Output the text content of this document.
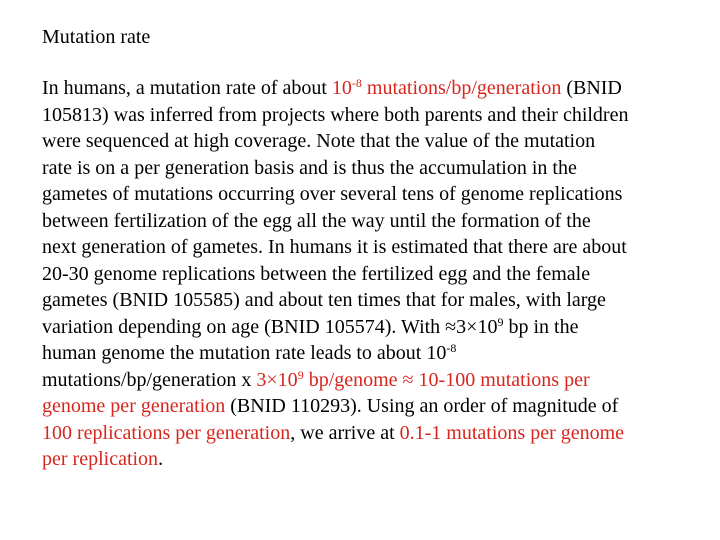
Mutation rate
In humans, a mutation rate of about $10^{-8}$ mutations/bp/generation (BNID
105813) was inferred from projects where both parents and their children
were sequenced at high coverage. Note that the value of the mutation
rate is on a per generation basis and is thus the accumulation in the
gametes of mutations occurring over several tens of genome replications
between fertilization of the egg all the way until the formation of the
next generation of gametes. In humans it is estimated that there are about
20-30 genome replications between the fertilized egg and the female
gametes (BNID 105585) and about ten times that for males, with large
variation depending on age (BNID 105574). With $\approx 3\times 10^9$ bp in the
human genome the mutation rate leads to about $10^{-8}$
mutations/bp/generation x $3\times 10^9$ bp/genome ≈ 10-100 mutations per
genome per generation (BNID 110293). Using an order of magnitude of
100 replications per generation, we arrive at 0.1-1 mutations per genome
per replication.
